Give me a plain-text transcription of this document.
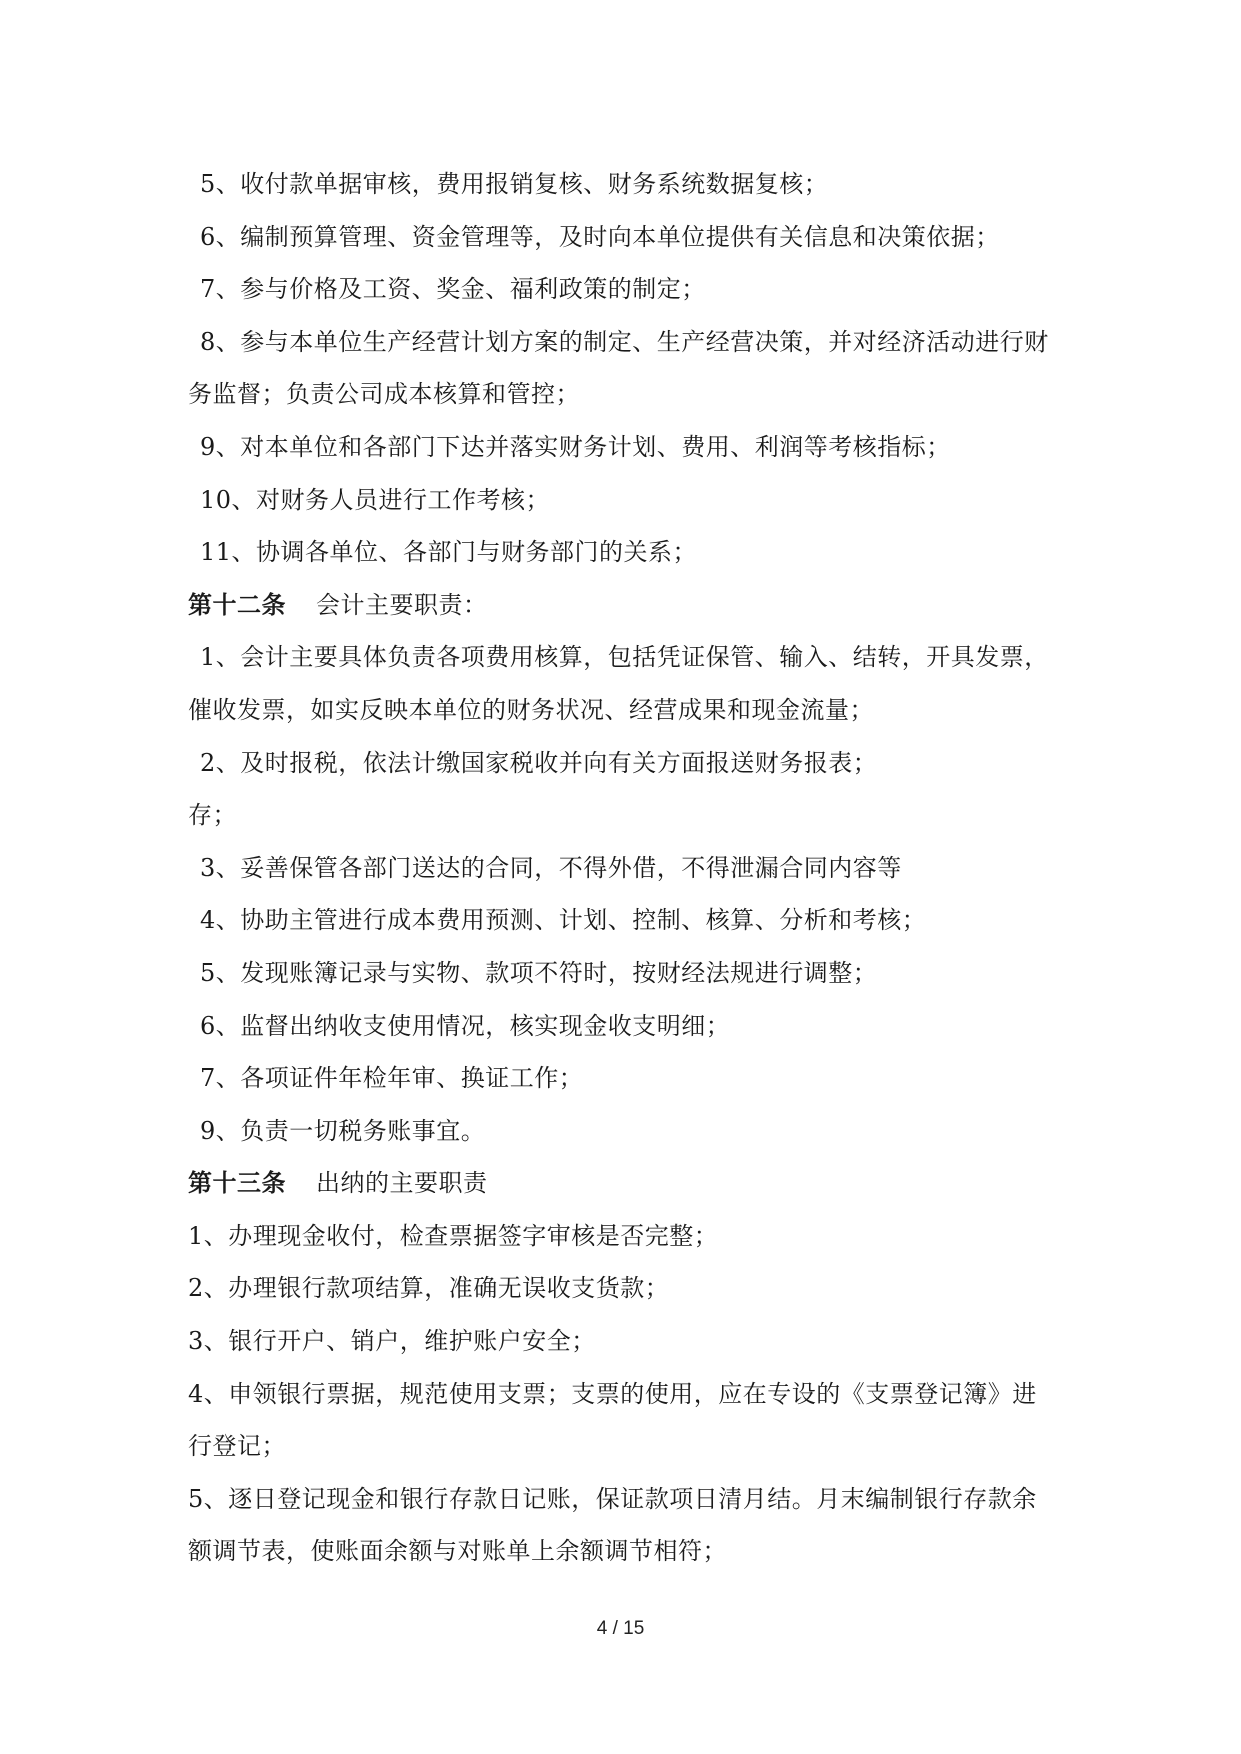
5、收付款单据审核，费用报销复核、财务系统数据复核；
6、编制预算管理、资金管理等，及时向本单位提供有关信息和决策依据；
7、参与价格及工资、奖金、福利政策的制定；
8、参与本单位生产经营计划方案的制定、生产经营决策，并对经济活动进行财
务监督；负责公司成本核算和管控；
9、对本单位和各部门下达并落实财务计划、费用、利润等考核指标；
10、对财务人员进行工作考核；
11、协调各单位、各部门与财务部门的关系；
第十二条 会计主要职责：
1、会计主要具体负责各项费用核算，包括凭证保管、输入、结转，开具发票，
催收发票，如实反映本单位的财务状况、经营成果和现金流量；
2、及时报税，依法计缴国家税收并向有关方面报送财务报表；
存；
3、妥善保管各部门送达的合同，不得外借，不得泄漏合同内容等
4、协助主管进行成本费用预测、计划、控制、核算、分析和考核；
5、发现账簿记录与实物、款项不符时，按财经法规进行调整；
6、监督出纳收支使用情况，核实现金收支明细；
7、各项证件年检年审、换证工作；
9、负责一切税务账事宜。
第十三条 出纳的主要职责
1、办理现金收付，检查票据签字审核是否完整；
2、办理银行款项结算，准确无误收支货款；
3、银行开户、销户，维护账户安全；
4、申领银行票据，规范使用支票；支票的使用，应在专设的《支票登记簿》进
行登记；
5、逐日登记现金和银行存款日记账，保证款项日清月结。月末编制银行存款余
额调节表，使账面余额与对账单上余额调节相符；
4 / 15
